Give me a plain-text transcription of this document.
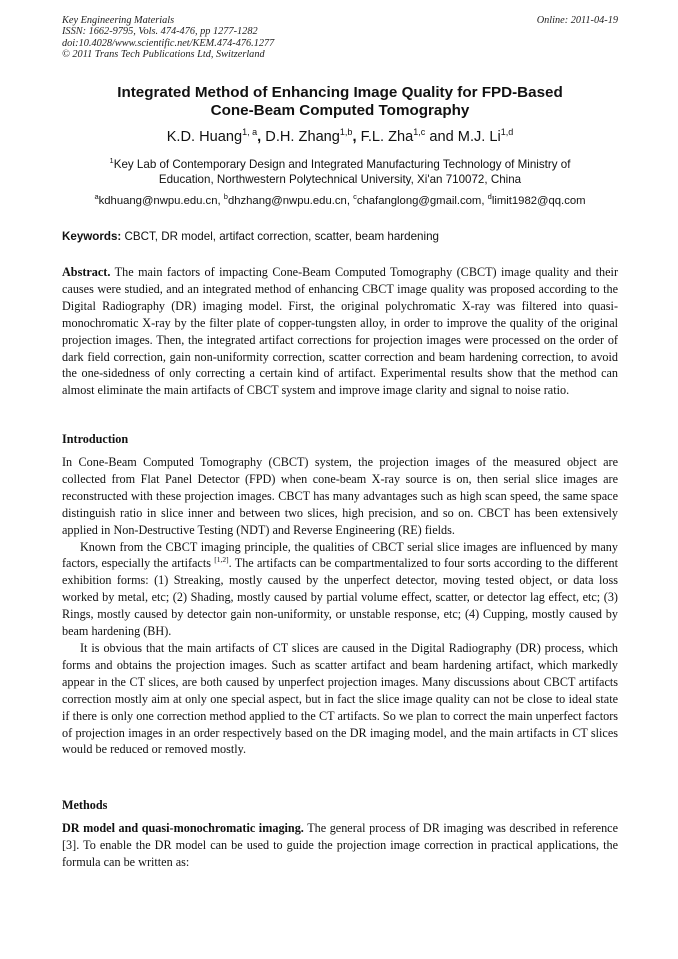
Key Engineering Materials
ISSN: 1662-9795, Vols. 474-476, pp 1277-1282
doi:10.4028/www.scientific.net/KEM.474-476.1277
© 2011 Trans Tech Publications Ltd, Switzerland
Online: 2011-04-19
Integrated Method of Enhancing Image Quality for FPD-Based
Cone-Beam Computed Tomography
K.D. Huang$^{1, a}$, D.H. Zhang$^{1,b}$, F.L. Zha$^{1,c}$ and M.J. Li$^{1,d}$
$^1$Key Lab of Contemporary Design and Integrated Manufacturing Technology of Ministry of
Education, Northwestern Polytechnical University, Xi'an 710072, China
$^a$kdhuang@nwpu.edu.cn, $^b$dhzhang@nwpu.edu.cn, $^c$chafanglong@gmail.com, $^d$limit1982@qq.com
Keywords: CBCT, DR model, artifact correction, scatter, beam hardening
Abstract. The main factors of impacting Cone-Beam Computed Tomography (CBCT) image quality and their causes were studied, and an integrated method of enhancing CBCT image quality was proposed according to the Digital Radiography (DR) imaging model. First, the original polychromatic X-ray was filtered into quasi-monochromatic X-ray by the filter plate of copper-tungsten alloy, in order to improve the quality of the original projection images. Then, the integrated artifact corrections for projection images were processed on the order of dark field correction, gain non-uniformity correction, scatter correction and beam hardening correction, to avoid the one-sidedness of only correcting a certain kind of artifact. Experimental results show that the method can almost eliminate the main artifacts of CBCT system and improve image clarity and signal to noise ratio.
Introduction

In Cone-Beam Computed Tomography (CBCT) system, the projection images of the measured object are collected from Flat Panel Detector (FPD) when cone-beam X-ray source is on, then serial slice images are reconstructed with these projection images. CBCT has many advantages such as high scan speed, the same space distinguish ratio in slice inner and between two slices, high precision, and so on. CBCT has been extensively applied in Non-Destructive Testing (NDT) and Reverse Engineering (RE) fields.

Known from the CBCT imaging principle, the qualities of CBCT serial slice images are influenced by many factors, especially the artifacts [1,2]. The artifacts can be compartmentalized to four sorts according to the different exhibition forms: (1) Streaking, mostly caused by the unperfect detector, moving tested object, or data loss worked by metal, etc; (2) Shading, mostly caused by partial volume effect, scatter, or detector lag effect, etc; (3) Rings, mostly caused by detector gain non-uniformity, or unstable response, etc; (4) Cupping, mostly caused by beam hardening (BH).

It is obvious that the main artifacts of CT slices are caused in the Digital Radiography (DR) process, which forms and obtains the projection images. Such as scatter artifact and beam hardening artifact, which markedly appear in the CT slices, are both caused by unperfect projection images. Many discussions about CBCT artifacts correction mostly aim at only one special aspect, but in fact the slice image quality can not be close to ideal state if there is only one correction method applied to the CT artifacts. So we plan to correct the main unperfect factors of projection images in an order respectively based on the DR imaging model, and the main artifacts in CT slices would be reduced or removed mostly.

Methods
DR model and quasi-monochromatic imaging. The general process of DR imaging was described in reference [3]. To enable the DR model can be used to guide the projection image correction in practical applications, the formula can be written as:
